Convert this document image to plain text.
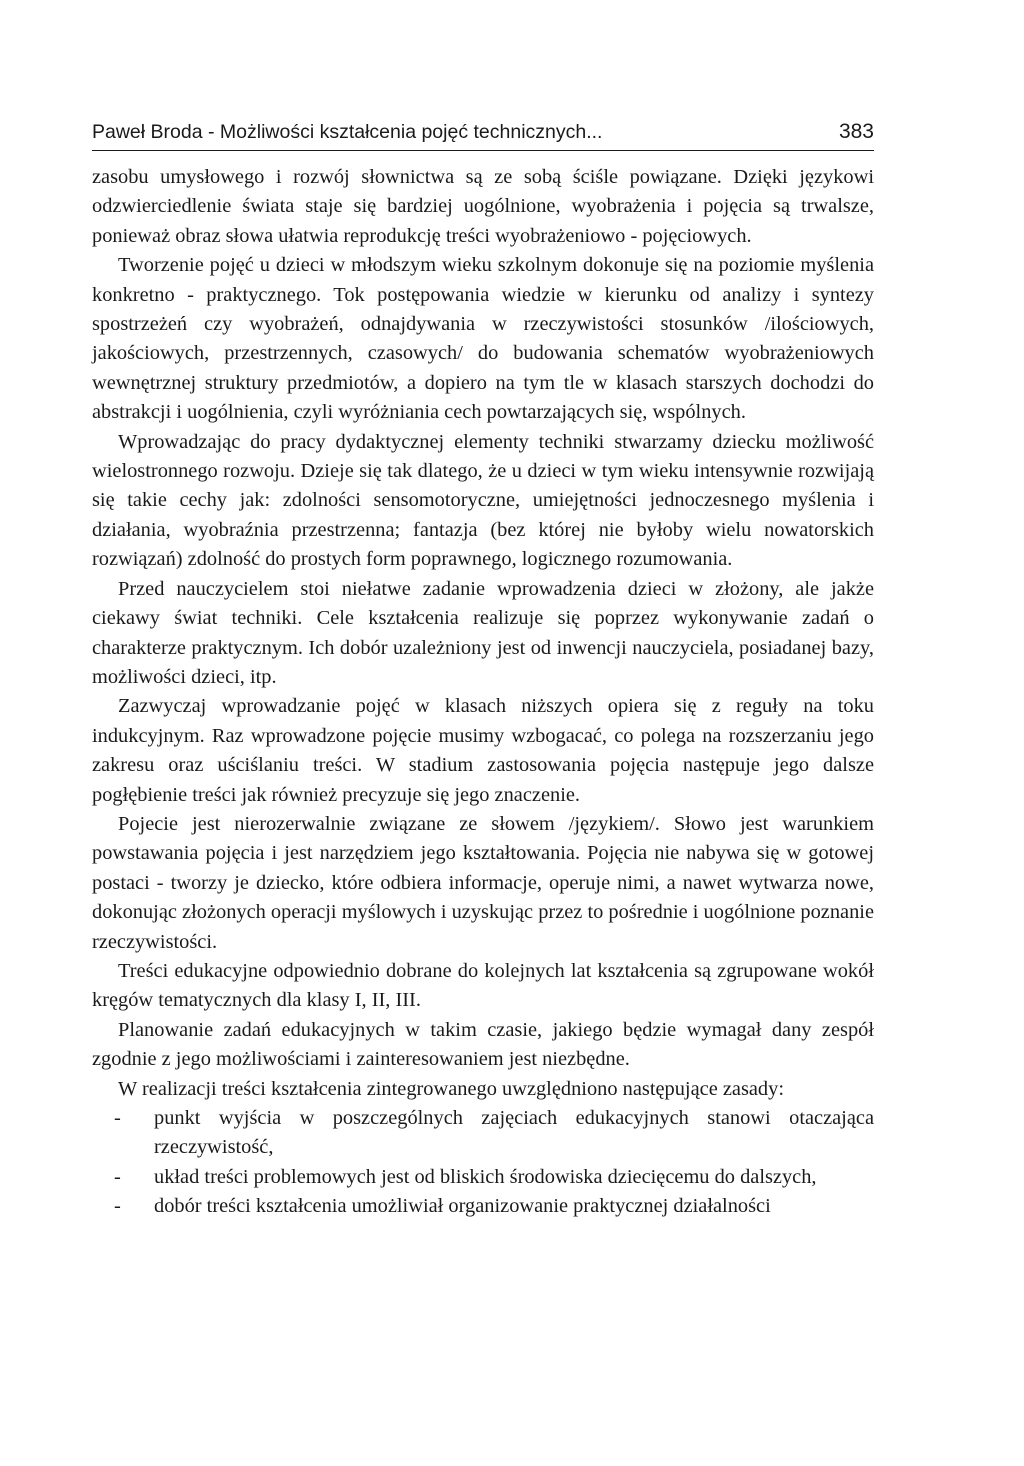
Paweł Broda - Możliwości kształcenia pojęć technicznych...	383

zasobu umysłowego i rozwój słownictwa są ze sobą ściśle powiązane. Dzięki językowi odzwierciedlenie świata staje się bardziej uogólnione, wyobrażenia i pojęcia są trwalsze, ponieważ obraz słowa ułatwia reprodukcję treści wyobrażeniowo - pojęciowych.

Tworzenie pojęć u dzieci w młodszym wieku szkolnym dokonuje się na poziomie myślenia konkretno - praktycznego. Tok postępowania wiedzie w kierunku od analizy i syntezy spostrzeżeń czy wyobrażeń, odnajdywania w rzeczywistości stosunków /ilościowych, jakościowych, przestrzennych, czasowych/ do budowania schematów wyobrażeniowych wewnętrznej struktury przedmiotów, a dopiero na tym tle w klasach starszych dochodzi do abstrakcji i uogólnienia, czyli wyróżniania cech powtarzających się, wspólnych.

Wprowadzając do pracy dydaktycznej elementy techniki stwarzamy dziecku możliwość wielostronnego rozwoju. Dzieje się tak dlatego, że u dzieci w tym wieku intensywnie rozwijają się takie cechy jak: zdolności sensomotoryczne, umiejętności jednoczesnego myślenia i działania, wyobraźnia przestrzenna; fantazja (bez której nie byłoby wielu nowatorskich rozwiązań) zdolność do prostych form poprawnego, logicznego rozumowania.

Przed nauczycielem stoi niełatwe zadanie wprowadzenia dzieci w złożony, ale jakże ciekawy świat techniki. Cele kształcenia realizuje się poprzez wykonywanie zadań o charakterze praktycznym. Ich dobór uzależniony jest od inwencji nauczyciela, posiadanej bazy, możliwości dzieci, itp.

Zazwyczaj wprowadzanie pojęć w klasach niższych opiera się z reguły na toku indukcyjnym. Raz wprowadzone pojęcie musimy wzbogacać, co polega na rozszerzaniu jego zakresu oraz uściślaniu treści. W stadium zastosowania pojęcia następuje jego dalsze pogłębienie treści jak również precyzuje się jego znaczenie.

Pojecie jest nierozerwalnie związane ze słowem /językiem/. Słowo jest warunkiem powstawania pojęcia i jest narzędziem jego kształtowania. Pojęcia nie nabywa się w gotowej postaci - tworzy je dziecko, które odbiera informacje, operuje nimi, a nawet wytwarza nowe, dokonując złożonych operacji myślowych i uzyskując przez to pośrednie i uogólnione poznanie rzeczywistości.

Treści edukacyjne odpowiednio dobrane do kolejnych lat kształcenia są zgrupowane wokół kręgów tematycznych dla klasy I, II, III.

Planowanie zadań edukacyjnych w takim czasie, jakiego będzie wymagał dany zespół zgodnie z jego możliwościami i zainteresowaniem jest niezbędne.

W realizacji treści kształcenia zintegrowanego uwzględniono następujące zasady:

- punkt wyjścia w poszczególnych zajęciach edukacyjnych stanowi otaczająca rzeczywistość,
- układ treści problemowych jest od bliskich środowiska dziecięcemu do dalszych,
- dobór treści kształcenia umożliwiał organizowanie praktycznej działalności
